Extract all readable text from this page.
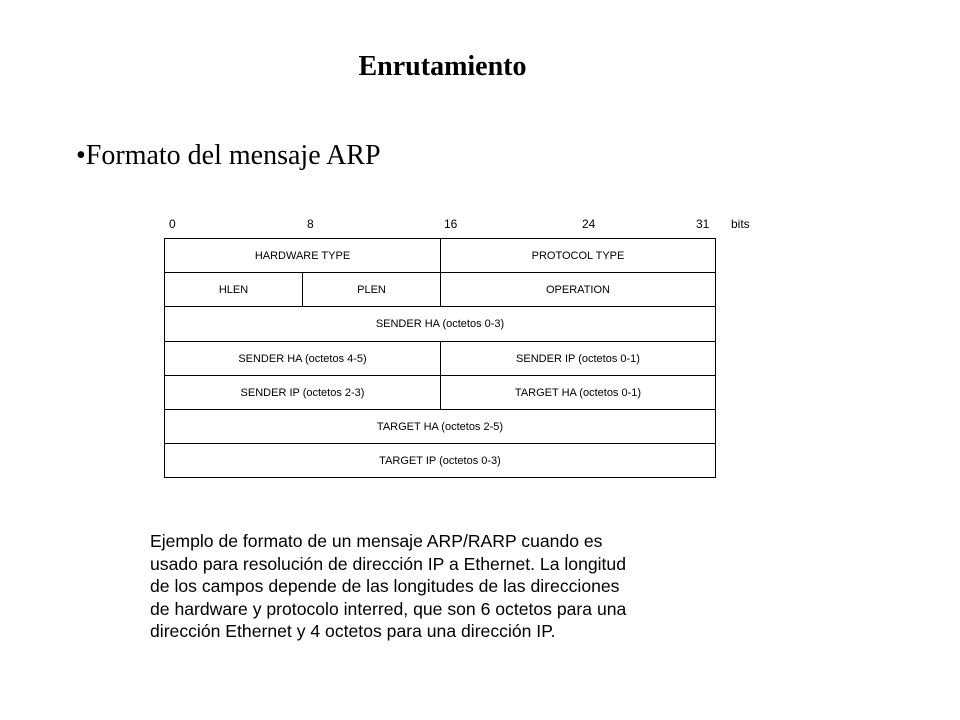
Enrutamiento
•Formato del mensaje ARP
0	8	16	24	31 bits
HARDWARE TYPE	PROTOCOL TYPE
HLEN	PLEN	OPERATION
SENDER HA (octetos 0-3)
SENDER HA (octetos 4-5)	SENDER IP (octetos 0-1)
SENDER IP (octetos 2-3)	TARGET HA (octetos 0-1)
TARGET HA (octetos 2-5)
TARGET IP (octetos 0-3)
Ejemplo de formato de un mensaje ARP/RARP cuando es
usado para resolución de dirección IP a Ethernet. La longitud
de los campos depende de las longitudes de las direcciones
de hardware y protocolo interred, que son 6 octetos para una
dirección Ethernet y 4 octetos para una dirección IP.
